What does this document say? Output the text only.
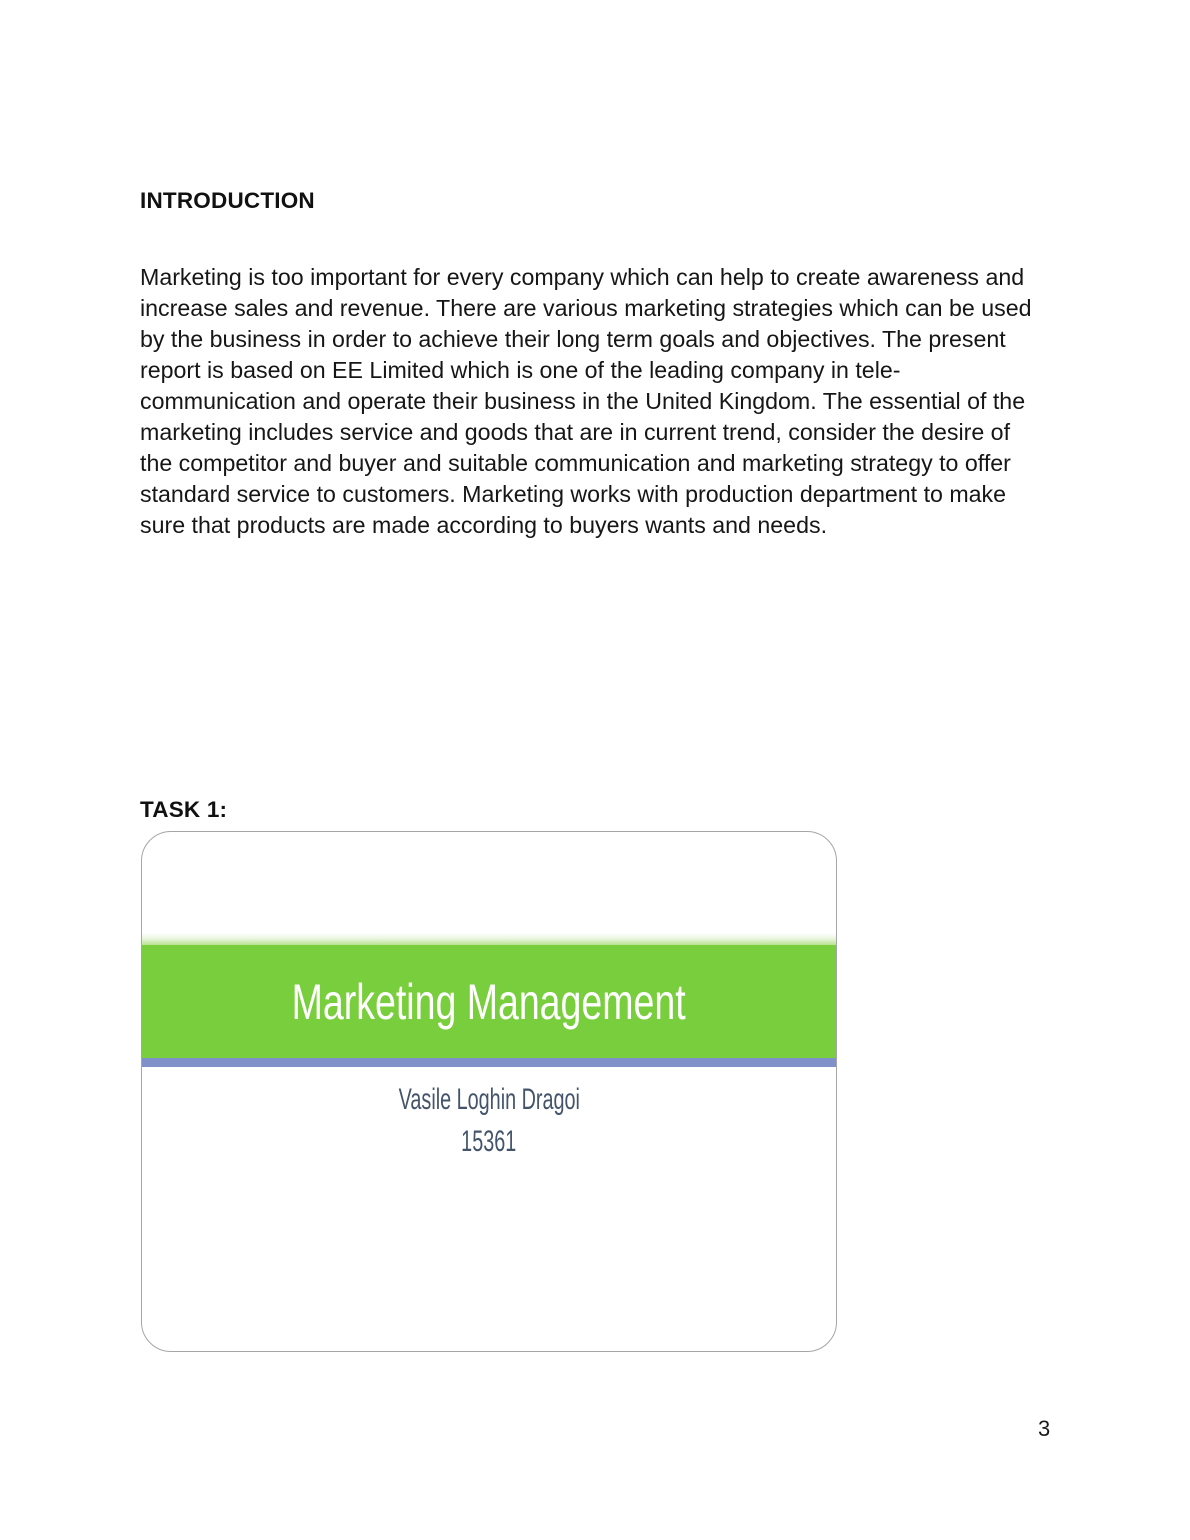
INTRODUCTION

Marketing is too important for every company which can help to create awareness and increase sales and revenue. There are various marketing strategies which can be used by the business in order to achieve their long term goals and objectives. The present report is based on EE Limited which is one of the leading company in tele-communication and operate their business in the United Kingdom. The essential of the marketing includes service and goods that are in current trend, consider the desire of the competitor and buyer and suitable communication and marketing strategy to offer standard service to customers. Marketing works with production department to make sure that products are made according to buyers wants and needs.

TASK 1:
Marketing Management
Vasile Loghin Dragoi
15361
3
